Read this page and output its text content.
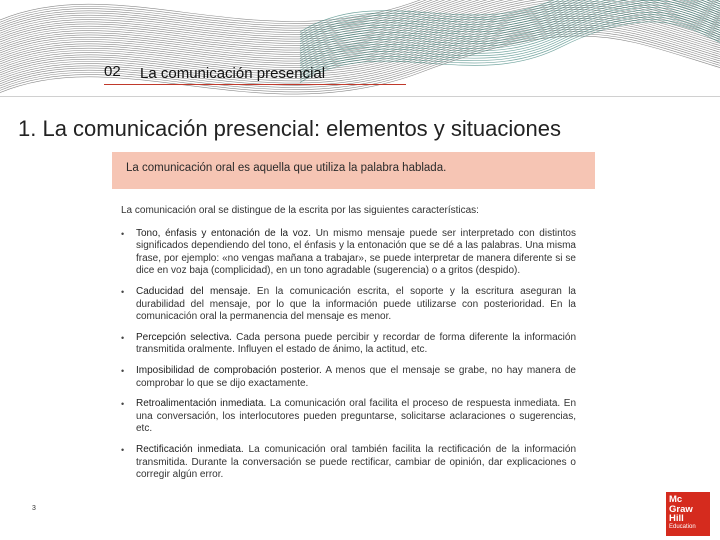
02 La comunicación presencial
1. La comunicación presencial: elementos y situaciones
La comunicación oral es aquella que utiliza la palabra hablada.

La comunicación oral se distingue de la escrita por las siguientes características:

• Tono, énfasis y entonación de la voz. Un mismo mensaje puede ser interpretado con distintos significados dependiendo del tono, el énfasis y la entonación que se dé a las palabras. Una misma frase, por ejemplo: «no vengas mañana a trabajar», se puede interpretar de manera diferente si se dice en voz baja (complicidad), en un tono agradable (sugerencia) o a gritos (despido).
• Caducidad del mensaje. En la comunicación escrita, el soporte y la escritura aseguran la durabilidad del mensaje, por lo que la información puede utilizarse con posterioridad. En la comunicación oral la permanencia del mensaje es menor.
• Percepción selectiva. Cada persona puede percibir y recordar de forma diferente la información transmitida oralmente. Influyen el estado de ánimo, la actitud, etc.
• Imposibilidad de comprobación posterior. A menos que el mensaje se grabe, no hay manera de comprobar lo que se dijo exactamente.
• Retroalimentación inmediata. La comunicación oral facilita el proceso de respuesta inmediata. En una conversación, los interlocutores pueden preguntarse, solicitarse aclaraciones o sugerencias, etc.
• Rectificación inmediata. La comunicación oral también facilita la rectificación de la información transmitida. Durante la conversación se puede rectificar, cambiar de opinión, dar explicaciones o corregir algún error.
3
Mc
Graw
Hill
Education
